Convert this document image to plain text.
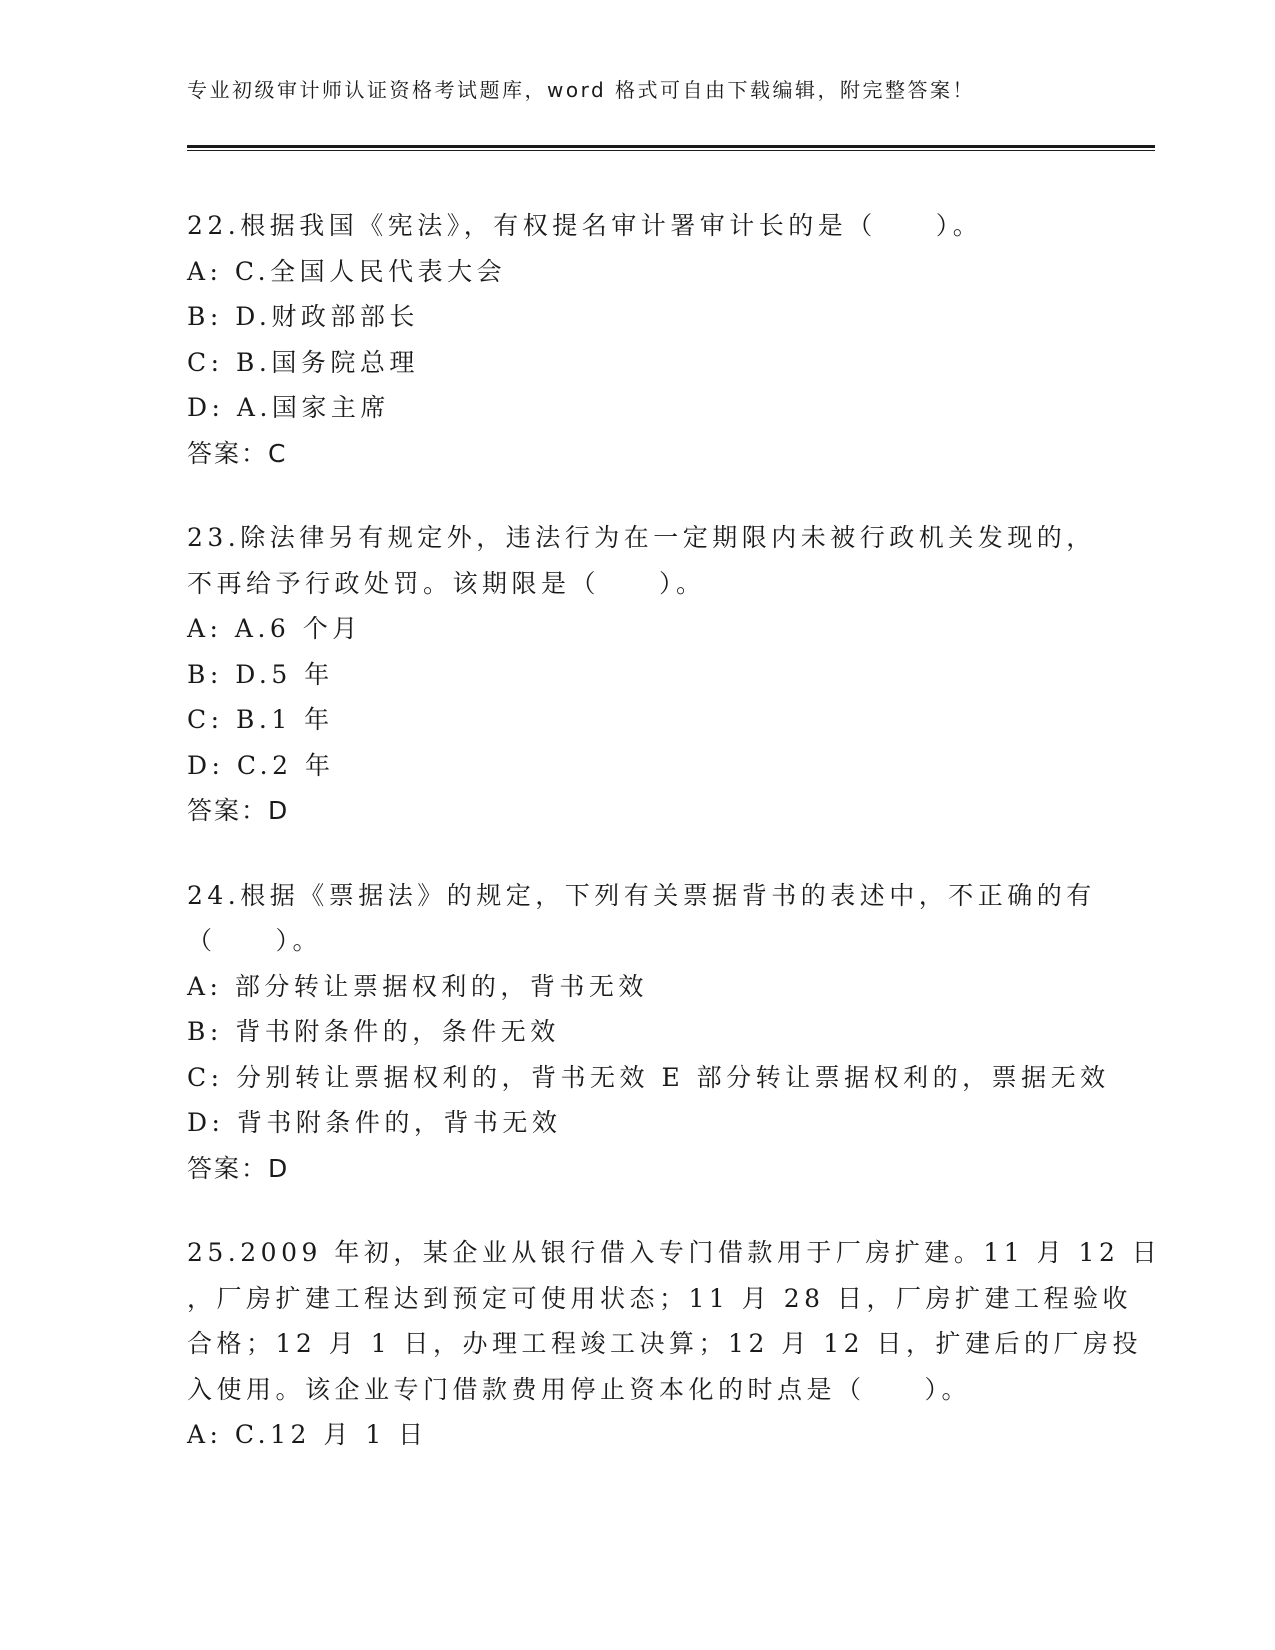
专业初级审计师认证资格考试题库，word 格式可自由下载编辑，附完整答案！
22.根据我国《宪法》，有权提名审计署审计长的是（　　）。
A: C.全国人民代表大会
B: D.财政部部长
C: B.国务院总理
D: A.国家主席
答案：C
23.除法律另有规定外，违法行为在一定期限内未被行政机关发现的，
不再给予行政处罚。该期限是（　　）。
A: A.6 个月
B: D.5 年
C: B.1 年
D: C.2 年
答案：D
24.根据《票据法》的规定，下列有关票据背书的表述中，不正确的有
（　　）。
A: 部分转让票据权利的，背书无效
B: 背书附条件的，条件无效
C: 分别转让票据权利的，背书无效 E 部分转让票据权利的，票据无效
D: 背书附条件的，背书无效
答案：D
25.2009 年初，某企业从银行借入专门借款用于厂房扩建。11 月 12 日
，厂房扩建工程达到预定可使用状态；11 月 28 日，厂房扩建工程验收
合格；12 月 1 日，办理工程竣工决算；12 月 12 日，扩建后的厂房投
入使用。该企业专门借款费用停止资本化的时点是（　　）。
A: C.12 月 1 日
